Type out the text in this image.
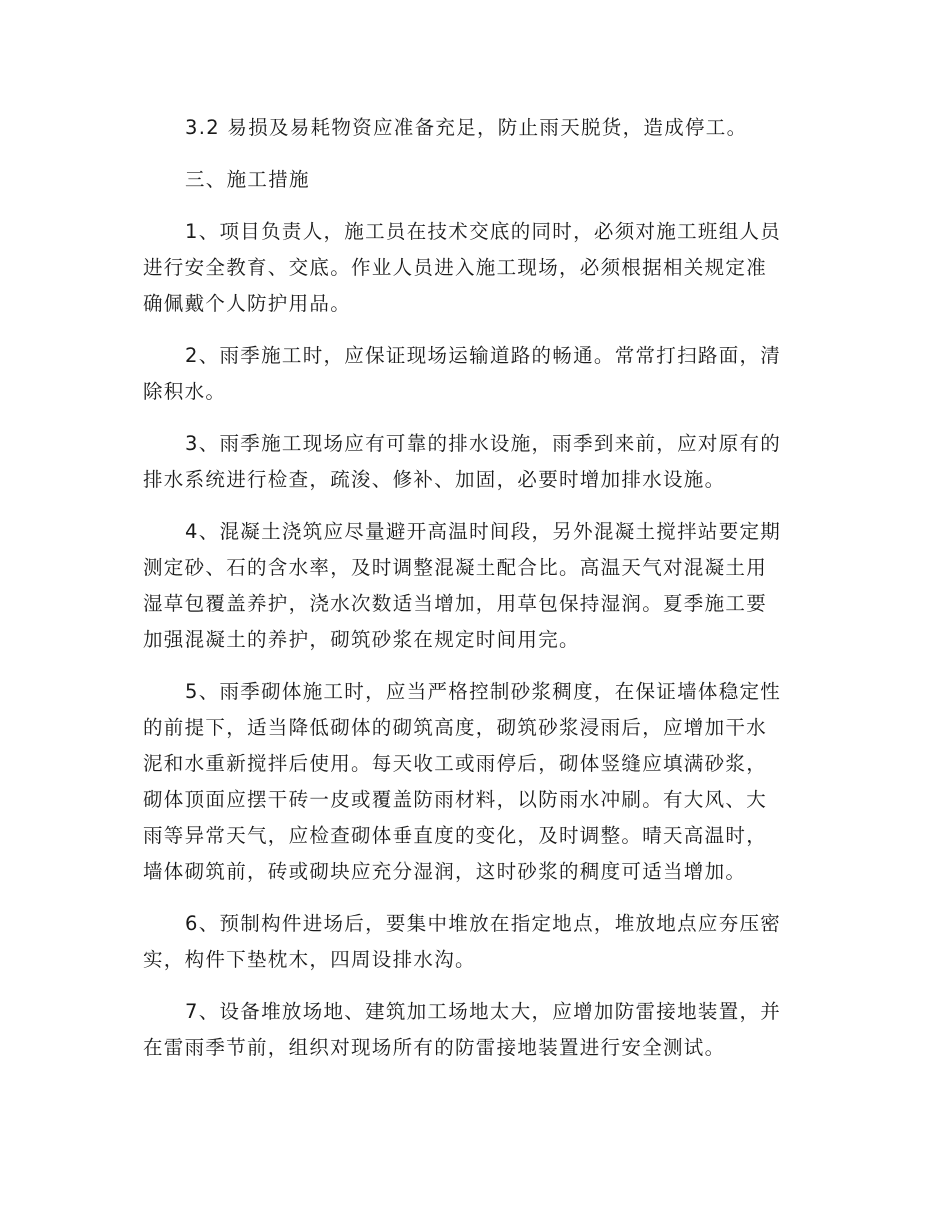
3.2 易损及易耗物资应准备充足，防止雨天脱货，造成停工。

三、施工措施

1、项目负责人，施工员在技术交底的同时，必须对施工班组人员
进行安全教育、交底。作业人员进入施工现场，必须根据相关规定准
确佩戴个人防护用品。

2、雨季施工时，应保证现场运输道路的畅通。常常打扫路面，清
除积水。

3、雨季施工现场应有可靠的排水设施，雨季到来前，应对原有的
排水系统进行检查，疏浚、修补、加固，必要时增加排水设施。

4、混凝土浇筑应尽量避开高温时间段，另外混凝土搅拌站要定期
测定砂、石的含水率，及时调整混凝土配合比。高温天气对混凝土用
湿草包覆盖养护，浇水次数适当增加，用草包保持湿润。夏季施工要
加强混凝土的养护，砌筑砂浆在规定时间用完。

5、雨季砌体施工时，应当严格控制砂浆稠度，在保证墙体稳定性
的前提下，适当降低砌体的砌筑高度，砌筑砂浆浸雨后，应增加干水
泥和水重新搅拌后使用。每天收工或雨停后，砌体竖缝应填满砂浆，
砌体顶面应摆干砖一皮或覆盖防雨材料，以防雨水冲刷。有大风、大
雨等异常天气，应检查砌体垂直度的变化，及时调整。晴天高温时，
墙体砌筑前，砖或砌块应充分湿润，这时砂浆的稠度可适当增加。

6、预制构件进场后，要集中堆放在指定地点，堆放地点应夯压密
实，构件下垫枕木，四周设排水沟。

7、设备堆放场地、建筑加工场地太大，应增加防雷接地装置，并
在雷雨季节前，组织对现场所有的防雷接地装置进行安全测试。
